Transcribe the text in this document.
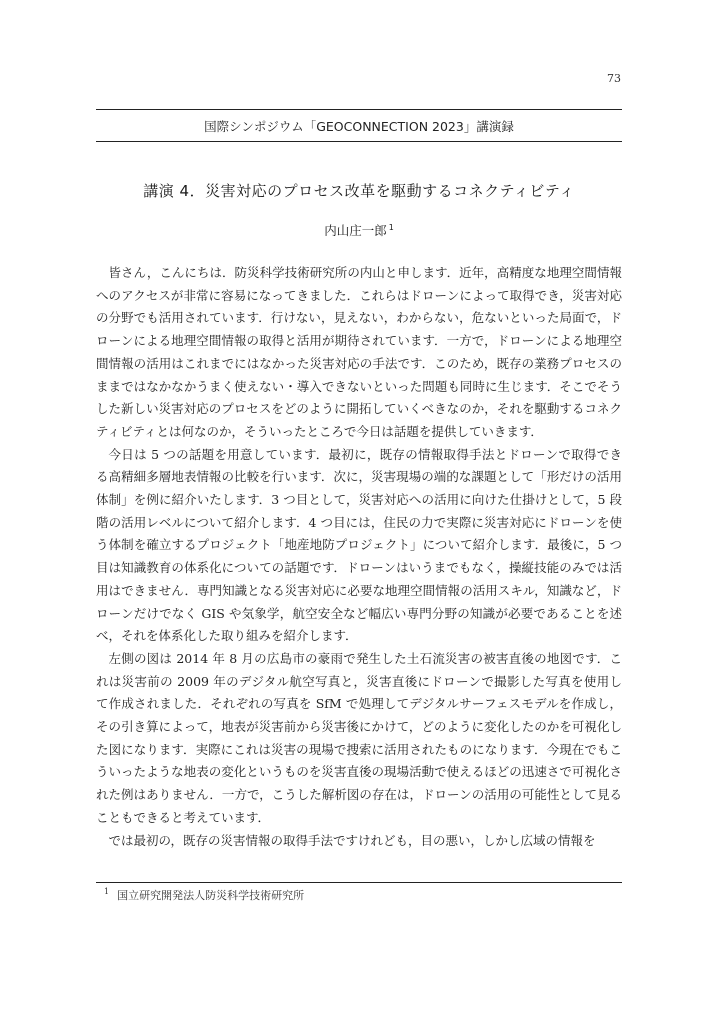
73
国際シンポジウム「GEOCONNECTION 2023」講演録
講演 4．災害対応のプロセス改革を駆動するコネクティビティ
内山庄一郎 $^1$

皆さん，こんにちは．防災科学技術研究所の内山と申します．近年，高精度な地理空間情報へのアクセスが非常に容易になってきました．これらはドローンによって取得でき，災害対応の分野でも活用されています．行けない，見えない，わからない，危ないといった局面で，ドローンによる地理空間情報の取得と活用が期待されています．一方で，ドローンによる地理空間情報の活用はこれまでにはなかった災害対応の手法です．このため，既存の業務プロセスのままではなかなかうまく使えない・導入できないといった問題も同時に生じます．そこでそうした新しい災害対応のプロセスをどのように開拓していくべきなのか，それを駆動するコネクティビティとは何なのか，そういったところで今日は話題を提供していきます．

今日は 5 つの話題を用意しています．最初に，既存の情報取得手法とドローンで取得できる高精細多層地表情報の比較を行います．次に，災害現場の端的な課題として「形だけの活用体制」を例に紹介いたします．3 つ目として，災害対応への活用に向けた仕掛けとして，5 段階の活用レベルについて紹介します．4 つ目には，住民の力で実際に災害対応にドローンを使う体制を確立するプロジェクト「地産地防プロジェクト」について紹介します．最後に，5 つ目は知識教育の体系化についての話題です．ドローンはいうまでもなく，操縦技能のみでは活用はできません．専門知識となる災害対応に必要な地理空間情報の活用スキル，知識など，ドローンだけでなく GIS や気象学，航空安全など幅広い専門分野の知識が必要であることを述べ，それを体系化した取り組みを紹介します．

左側の図は 2014 年 8 月の広島市の豪雨で発生した土石流災害の被害直後の地図です．これは災害前の 2009 年のデジタル航空写真と，災害直後にドローンで撮影した写真を使用して作成されました．それぞれの写真を SfM で処理してデジタルサーフェスモデルを作成し，その引き算によって，地表が災害前から災害後にかけて，どのように変化したのかを可視化した図になります．実際にこれは災害の現場で捜索に活用されたものになります．今現在でもこういったような地表の変化というものを災害直後の現場活動で使えるほどの迅速さで可視化された例はありません．一方で，こうした解析図の存在は，ドローンの活用の可能性として見ることもできると考えています．

では最初の，既存の災害情報の取得手法ですけれども，目の悪い，しかし広域の情報を

$^1$ 国立研究開発法人防災科学技術研究所
